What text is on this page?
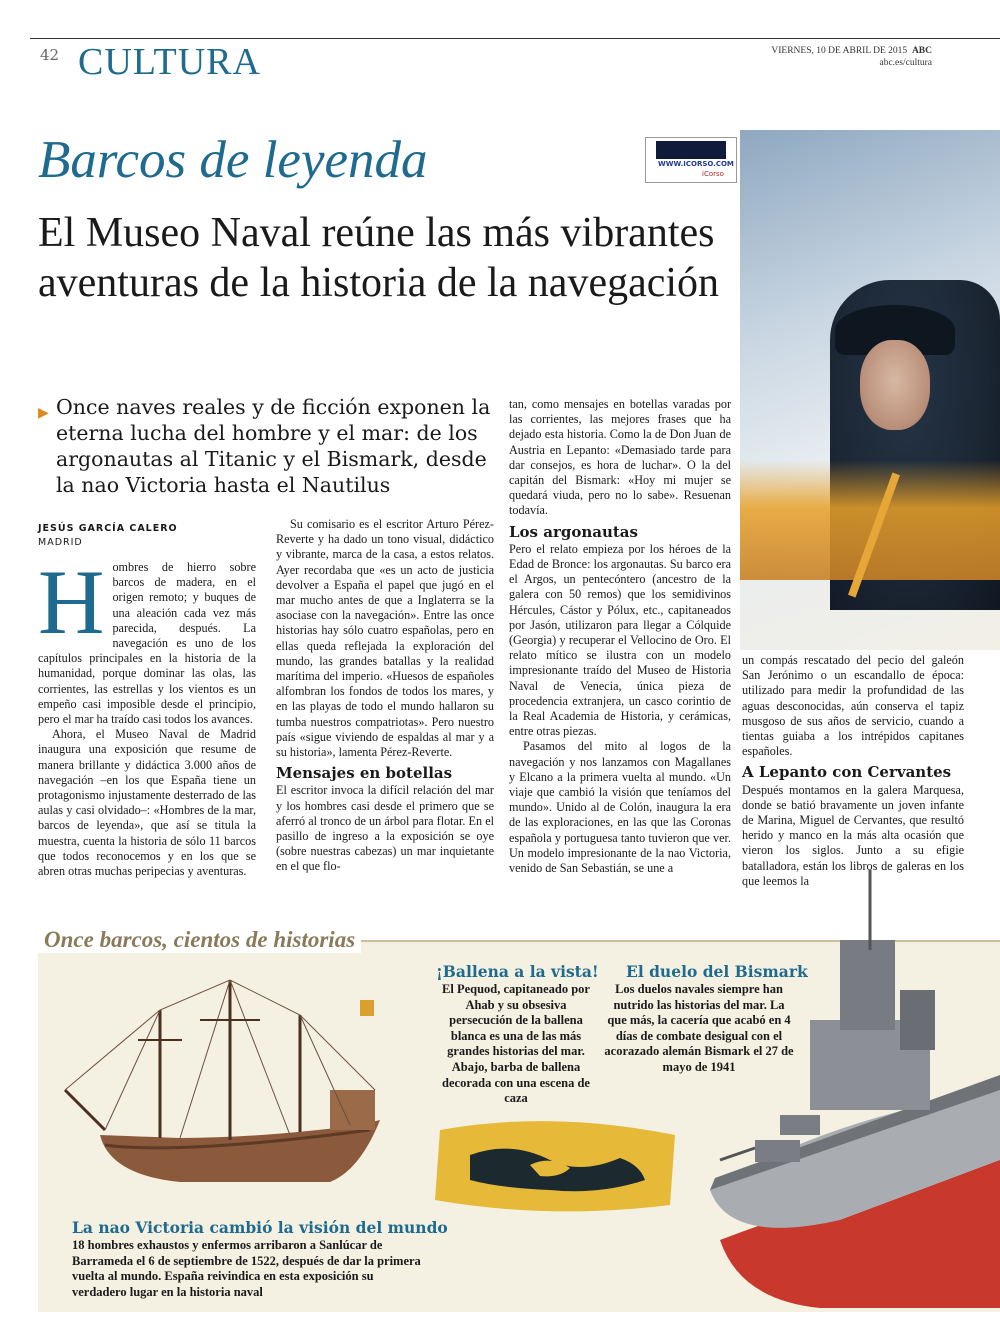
42 CULTURA	VIERNES, 10 DE ABRIL DE 2015 ABC
abc.es/cultura
Barcos de leyenda
El Museo Naval reúne las más vibrantes aventuras de la historia de la navegación
WWW.ICORSO.COM
iCorso
▶ Once naves reales y de ficción exponen la eterna lucha del hombre y el mar: de los argonautas al Titanic y el Bismark, desde la nao Victoria hasta el Nautilus

JESÚS GARCÍA CALERO
MADRID
H ombres de hierro sobre barcos de madera, en el origen remoto; y buques de una aleación cada vez más parecida, después. La navegación es uno de los capítulos principales en la historia de la humanidad, porque dominar las olas, las corrientes, las estrellas y los vientos es un empeño casi imposible desde el principio, pero el mar ha traído casi todos los avances.

Ahora, el Museo Naval de Madrid inaugura una exposición que resume de manera brillante y didáctica 3.000 años de navegación –en los que España tiene un protagonismo injustamente desterrado de las aulas y casi olvidado–: «Hombres de la mar, barcos de leyenda», que así se titula la muestra, cuenta la historia de sólo 11 barcos que todos reconocemos y en los que se abren otras muchas peripecias y aventuras.

Su comisario es el escritor Arturo Pérez-Reverte y ha dado un tono visual, didáctico y vibrante, marca de la casa, a estos relatos. Ayer recordaba que «es un acto de justicia devolver a España el papel que jugó en el mar mucho antes de que a Inglaterra se la asociase con la navegación». Entre las once historias hay sólo cuatro españolas, pero en ellas queda reflejada la exploración del mundo, las grandes batallas y la realidad marítima del imperio. «Huesos de españoles alfombran los fondos de todos los mares, y en las playas de todo el mundo hallaron su tumba nuestros compatriotas». Pero nuestro país «sigue viviendo de espaldas al mar y a su historia», lamenta Pérez-Reverte.

Mensajes en botellas

El escritor invoca la difícil relación del mar y los hombres casi desde el primero que se aferró al tronco de un árbol para flotar. En el pasillo de ingreso a la exposición se oye (sobre nuestras cabezas) un mar inquietante en el que flo-

tan, como mensajes en botellas varadas por las corrientes, las mejores frases que ha dejado esta historia. Como la de Don Juan de Austria en Lepanto: «Demasiado tarde para dar consejos, es hora de luchar». O la del capitán del Bismark: «Hoy mi mujer se quedará viuda, pero no lo sabe». Resuenan todavía.

Los argonautas

Pero el relato empieza por los héroes de la Edad de Bronce: los argonautas. Su barco era el Argos, un pentecóntero (ancestro de la galera con 50 remos) que los semidivinos Hércules, Cástor y Pólux, etc., capitaneados por Jasón, utilizaron para llegar a Cólquide (Georgia) y recuperar el Vellocino de Oro. El relato mítico se ilustra con un modelo impresionante traído del Museo de Historia Naval de Venecia, única pieza de procedencia extranjera, un casco corintio de la Real Academia de Historia, y cerámicas, entre otras piezas.

Pasamos del mito al logos de la navegación y nos lanzamos con Magallanes y Elcano a la primera vuelta al mundo. «Un viaje que cambió la visión que teníamos del mundo». Unido al de Colón, inaugura la era de las exploraciones, en las que las Coronas española y portuguesa tanto tuvieron que ver. Un modelo impresionante de la nao Victoria, venido de San Sebastián, se une a

un compás rescatado del pecio del galeón San Jerónimo o un escandallo de época: utilizado para medir la profundidad de las aguas desconocidas, aún conserva el tapiz musgoso de sus años de servicio, cuando a tientas guiaba a los intrépidos capitanes españoles.

A Lepanto con Cervantes

Después montamos en la galera Marquesa, donde se batió bravamente un joven infante de Marina, Miguel de Cervantes, que resultó herido y manco en la más alta ocasión que vieron los siglos. Junto a su efigie batalladora, están los libros de galeras en los que leemos la

Once barcos, cientos de historias
La nao Victoria cambió la visión del mundo
18 hombres exhaustos y enfermos arribaron a Sanlúcar de Barrameda el 6 de septiembre de 1522, después de dar la primera vuelta al mundo. España reivindica en esta exposición su verdadero lugar en la historia naval
¡Ballena a la vista!
El Pequod, capitaneado por Ahab y su obsesiva persecución de la ballena blanca es una de las más grandes historias del mar. Abajo, barba de ballena decorada con una escena de caza
El duelo del Bismark
Los duelos navales siempre han nutrido las historias del mar. La que más, la cacería que acabó en 4 días de combate desigual con el acorazado alemán Bismark el 27 de mayo de 1941
